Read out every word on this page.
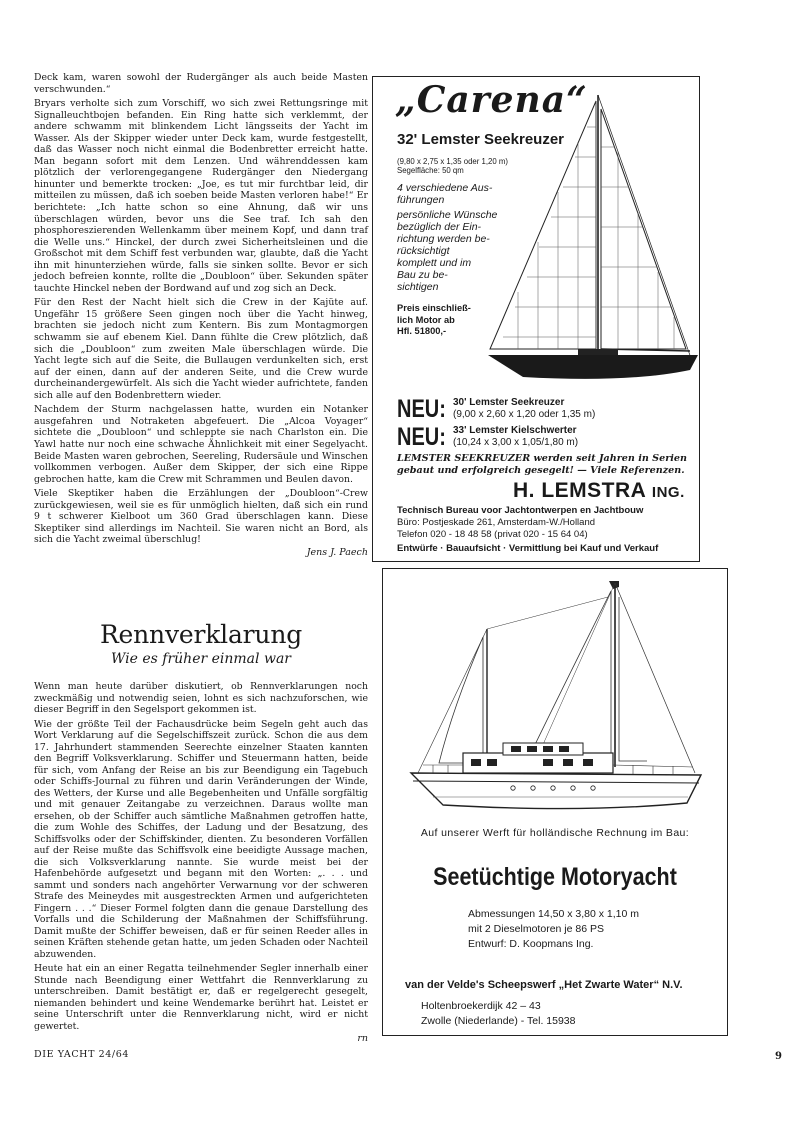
Deck kam, waren sowohl der Rudergänger als auch beide Masten verschwunden.“

Bryars verholte sich zum Vorschiff, wo sich zwei Rettungsringe mit Signalleuchtbojen befanden. Ein Ring hatte sich verklemmt, der andere schwamm mit blinkendem Licht längsseits der Yacht im Wasser. Als der Skipper wieder unter Deck kam, wurde festgestellt, daß das Wasser noch nicht einmal die Bodenbretter erreicht hatte. Man begann sofort mit dem Lenzen. Und währenddessen kam plötzlich der verlorengegangene Rudergänger den Niedergang hinunter und bemerkte trocken: „Joe, es tut mir furchtbar leid, dir mitteilen zu müssen, daß ich soeben beide Masten verloren habe!“ Er berichtete: „Ich hatte schon so eine Ahnung, daß wir uns überschlagen würden, bevor uns die See traf. Ich sah den phosphoreszierenden Wellenkamm über meinem Kopf, und dann traf die Welle uns.“ Hinckel, der durch zwei Sicherheitsleinen und die Großschot mit dem Schiff fest verbunden war, glaubte, daß die Yacht ihn mit hinunterziehen würde, falls sie sinken sollte. Bevor er sich jedoch befreien konnte, rollte die „Doubloon“ über. Sekunden später tauchte Hinckel neben der Bordwand auf und zog sich an Deck.

Für den Rest der Nacht hielt sich die Crew in der Kajüte auf. Ungefähr 15 größere Seen gingen noch über die Yacht hinweg, brachten sie jedoch nicht zum Kentern. Bis zum Montagmorgen schwamm sie auf ebenem Kiel. Dann fühlte die Crew plötzlich, daß sich die „Doubloon“ zum zweiten Male überschlagen würde. Die Yacht legte sich auf die Seite, die Bullaugen verdunkelten sich, erst auf der einen, dann auf der anderen Seite, und die Crew wurde durcheinandergewürfelt. Als sich die Yacht wieder aufrichtete, fanden sich alle auf den Bodenbrettern wieder.

Nachdem der Sturm nachgelassen hatte, wurden ein Notanker ausgefahren und Notraketen abgefeuert. Die „Alcoa Voyager“ sichtete die „Doubloon“ und schleppte sie nach Charlston ein. Die Yawl hatte nur noch eine schwache Ähnlichkeit mit einer Segelyacht. Beide Masten waren gebrochen, Seereling, Rudersäule und Winschen vollkommen verbogen. Außer dem Skipper, der sich eine Rippe gebrochen hatte, kam die Crew mit Schrammen und Beulen davon.

Viele Skeptiker haben die Erzählungen der „Doubloon“-Crew zurückgewiesen, weil sie es für unmöglich hielten, daß sich ein rund 9 t schwerer Kielboot um 360 Grad überschlagen kann. Diese Skeptiker sind allerdings im Nachteil. Sie waren nicht an Bord, als sich die Yacht zweimal überschlug!

Jens J. Paech

Rennverklarung
Wie es früher einmal war

Wenn man heute darüber diskutiert, ob Rennverklarungen noch zweckmäßig und notwendig seien, lohnt es sich nachzuforschen, wie dieser Begriff in den Segelsport gekommen ist.

Wie der größte Teil der Fachausdrücke beim Segeln geht auch das Wort Verklarung auf die Segelschiffszeit zurück. Schon die aus dem 17. Jahrhundert stammenden Seerechte einzelner Staaten kannten den Begriff Volksverklarung. Schiffer und Steuermann hatten, beide für sich, vom Anfang der Reise an bis zur Beendigung ein Tagebuch oder Schiffs-Journal zu führen und darin Veränderungen der Winde, des Wetters, der Kurse und alle Begebenheiten und Unfälle sorgfältig und mit genauer Zeitangabe zu verzeichnen. Daraus wollte man ersehen, ob der Schiffer auch sämtliche Maßnahmen getroffen hatte, die zum Wohle des Schiffes, der Ladung und der Besatzung, des Schiffsvolks oder der Schiffskinder, dienten. Zu besonderen Vorfällen auf der Reise mußte das Schiffsvolk eine beeidigte Aussage machen, die sich Volksverklarung nannte. Sie wurde meist bei der Hafenbehörde aufgesetzt und begann mit den Worten: „. . . und sammt und sonders nach angehörter Verwarnung vor der schweren Strafe des Meineydes mit ausgestreckten Armen und aufgerichteten Fingern . . .“ Dieser Formel folgten dann die genaue Darstellung des Vorfalls und die Schilderung der Maßnahmen der Schiffsführung. Damit mußte der Schiffer beweisen, daß er für seinen Reeder alles in seinen Kräften stehende getan hatte, um jeden Schaden oder Nachteil abzuwenden.

Heute hat ein an einer Regatta teilnehmender Segler innerhalb einer Stunde nach Beendigung einer Wettfahrt die Rennverklarung zu unterschreiben. Damit bestätigt er, daß er regelgerecht gesegelt, niemanden behindert und keine Wendemarke berührt hat. Leistet er seine Unterschrift unter die Rennverklarung nicht, wird er nicht gewertet.

rn

DIE YACHT 24/64	9
„Carena“
32' Lemster Seekreuzer
(9,80 x 2,75 x 1,35 oder 1,20 m)
Segelfläche: 50 qm
4 verschiedene Aus-
führungen
persönliche Wünsche
bezüglich der Ein-
richtung werden be-
rücksichtigt
komplett und im
Bau zu be-
sichtigen
Preis einschließ-
lich Motor ab
Hfl. 51800,-
NEU: 30' Lemster Seekreuzer
(9,00 x 2,60 x 1,20 oder 1,35 m)
NEU: 33' Lemster Kielschwerter
(10,24 x 3,00 x 1,05/1,80 m)
LEMSTER SEEKREUZER werden seit Jahren in Serien
gebaut und erfolgreich gesegelt! — Viele Referenzen.
H. LEMSTRA ING.
Technisch Bureau voor Jachtontwerpen en Jachtbouw
Büro: Postjeskade 261, Amsterdam-W./Holland
Telefon 020 - 18 48 58 (privat 020 - 15 64 04)
Entwürfe · Bauaufsicht · Vermittlung bei Kauf und Verkauf
Auf unserer Werft für holländische Rechnung im Bau:
Seetüchtige Motoryacht
Abmessungen 14,50 x 3,80 x 1,10 m
mit 2 Dieselmotoren je 86 PS
Entwurf: D. Koopmans Ing.
van der Velde's Scheepswerf „Het Zwarte Water“ N.V.
Holtenbroekerdijk 42 – 43
Zwolle (Niederlande) - Tel. 15938
